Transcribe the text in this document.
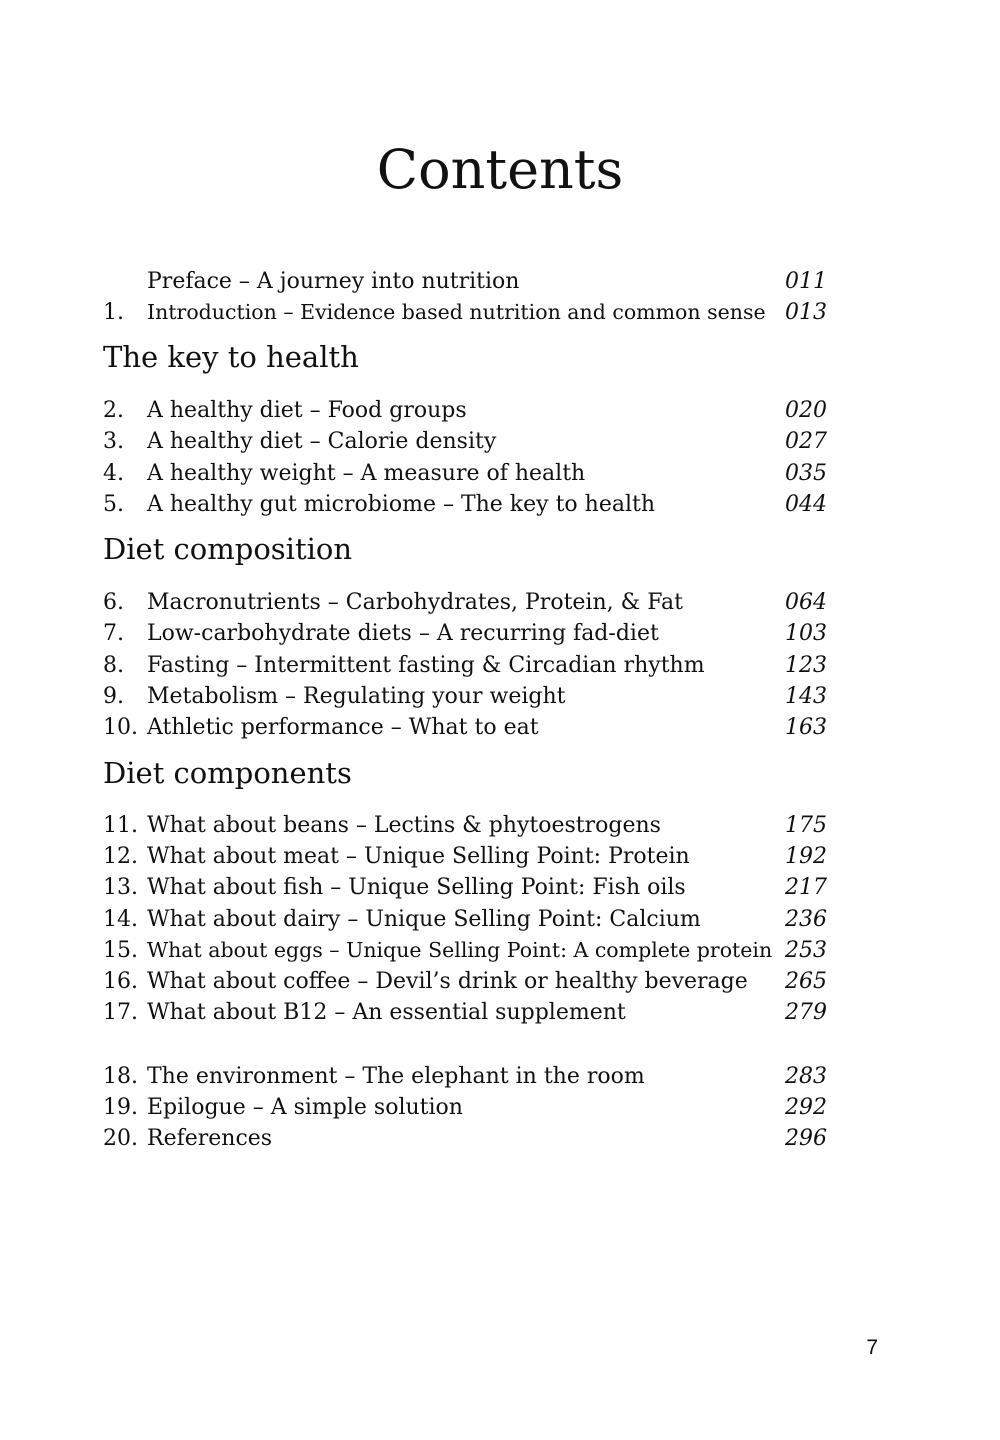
Contents
Preface – A journey into nutrition	011
1. Introduction – Evidence based nutrition and common sense 013
The key to health
2. A healthy diet – Food groups	020
3. A healthy diet – Calorie density	027
4. A healthy weight – A measure of health	035
5. A healthy gut microbiome – The key to health	044
Diet composition
6. Macronutrients – Carbohydrates, Protein, & Fat	064
7. Low-carbohydrate diets – A recurring fad-diet	103
8. Fasting – Intermittent fasting & Circadian rhythm	123
9. Metabolism – Regulating your weight	143
10. Athletic performance – What to eat	163
Diet components
11. What about beans – Lectins & phytoestrogens	175
12. What about meat – Unique Selling Point: Protein	192
13. What about fish – Unique Selling Point: Fish oils	217
14. What about dairy – Unique Selling Point: Calcium	236
15. What about eggs – Unique Selling Point: A complete protein 253
16. What about coffee – Devil’s drink or healthy beverage 265
17. What about B12 – An essential supplement	279
18. The environment – The elephant in the room	283
19. Epilogue – A simple solution	292
20. References	296
7
